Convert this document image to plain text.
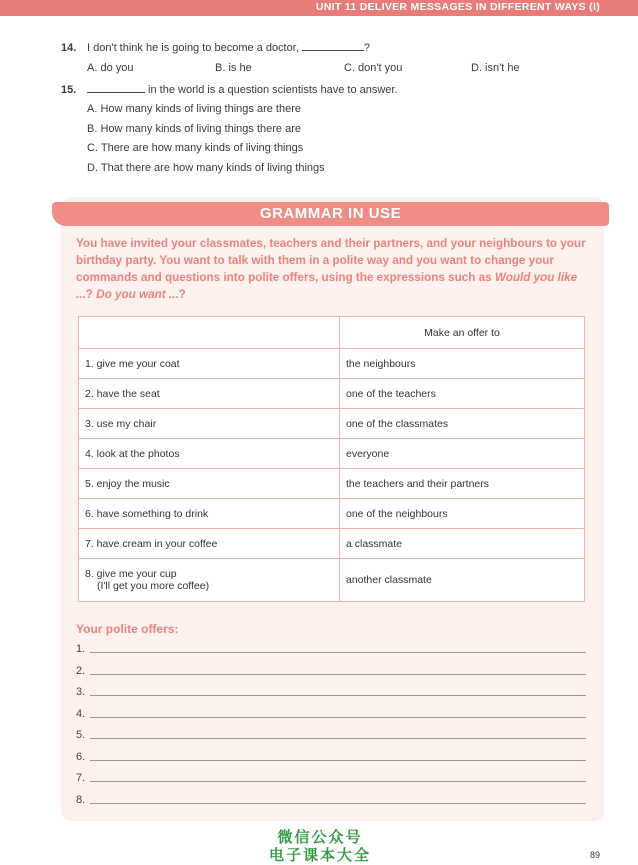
UNIT 11 DELIVER MESSAGES IN DIFFERENT WAYS (I)
14. I don't think he is going to become a doctor,	?
A. do you	B. is he	C. don't you	D. isn't he
15.	in the world is a question scientists have to answer.
A. How many kinds of living things are there
B. How many kinds of living things there are
C. There are how many kinds of living things
D. That there are how many kinds of living things
GRAMMAR IN USE
You have invited your classmates, teachers and their partners, and your neighbours to your birthday party. You want to talk with them in a polite way and you want to change your commands and questions into polite offers, using the expressions such as Would you like ...? Do you want ...?
	Make an offer to
1. give me your coat	the neighbours
2. have the seat	one of the teachers
3. use my chair	one of the classmates
4. look at the photos	everyone
5. enjoy the music	the teachers and their partners
6. have something to drink	one of the neighbours
7. have cream in your coffee	a classmate

8. give me your cup
(I'll get you more coffee)	another classmate
Your polite offers:
1.
2.
3.
4.
5.
6.
7.
8.
微信公众号
电子课本大全	89
